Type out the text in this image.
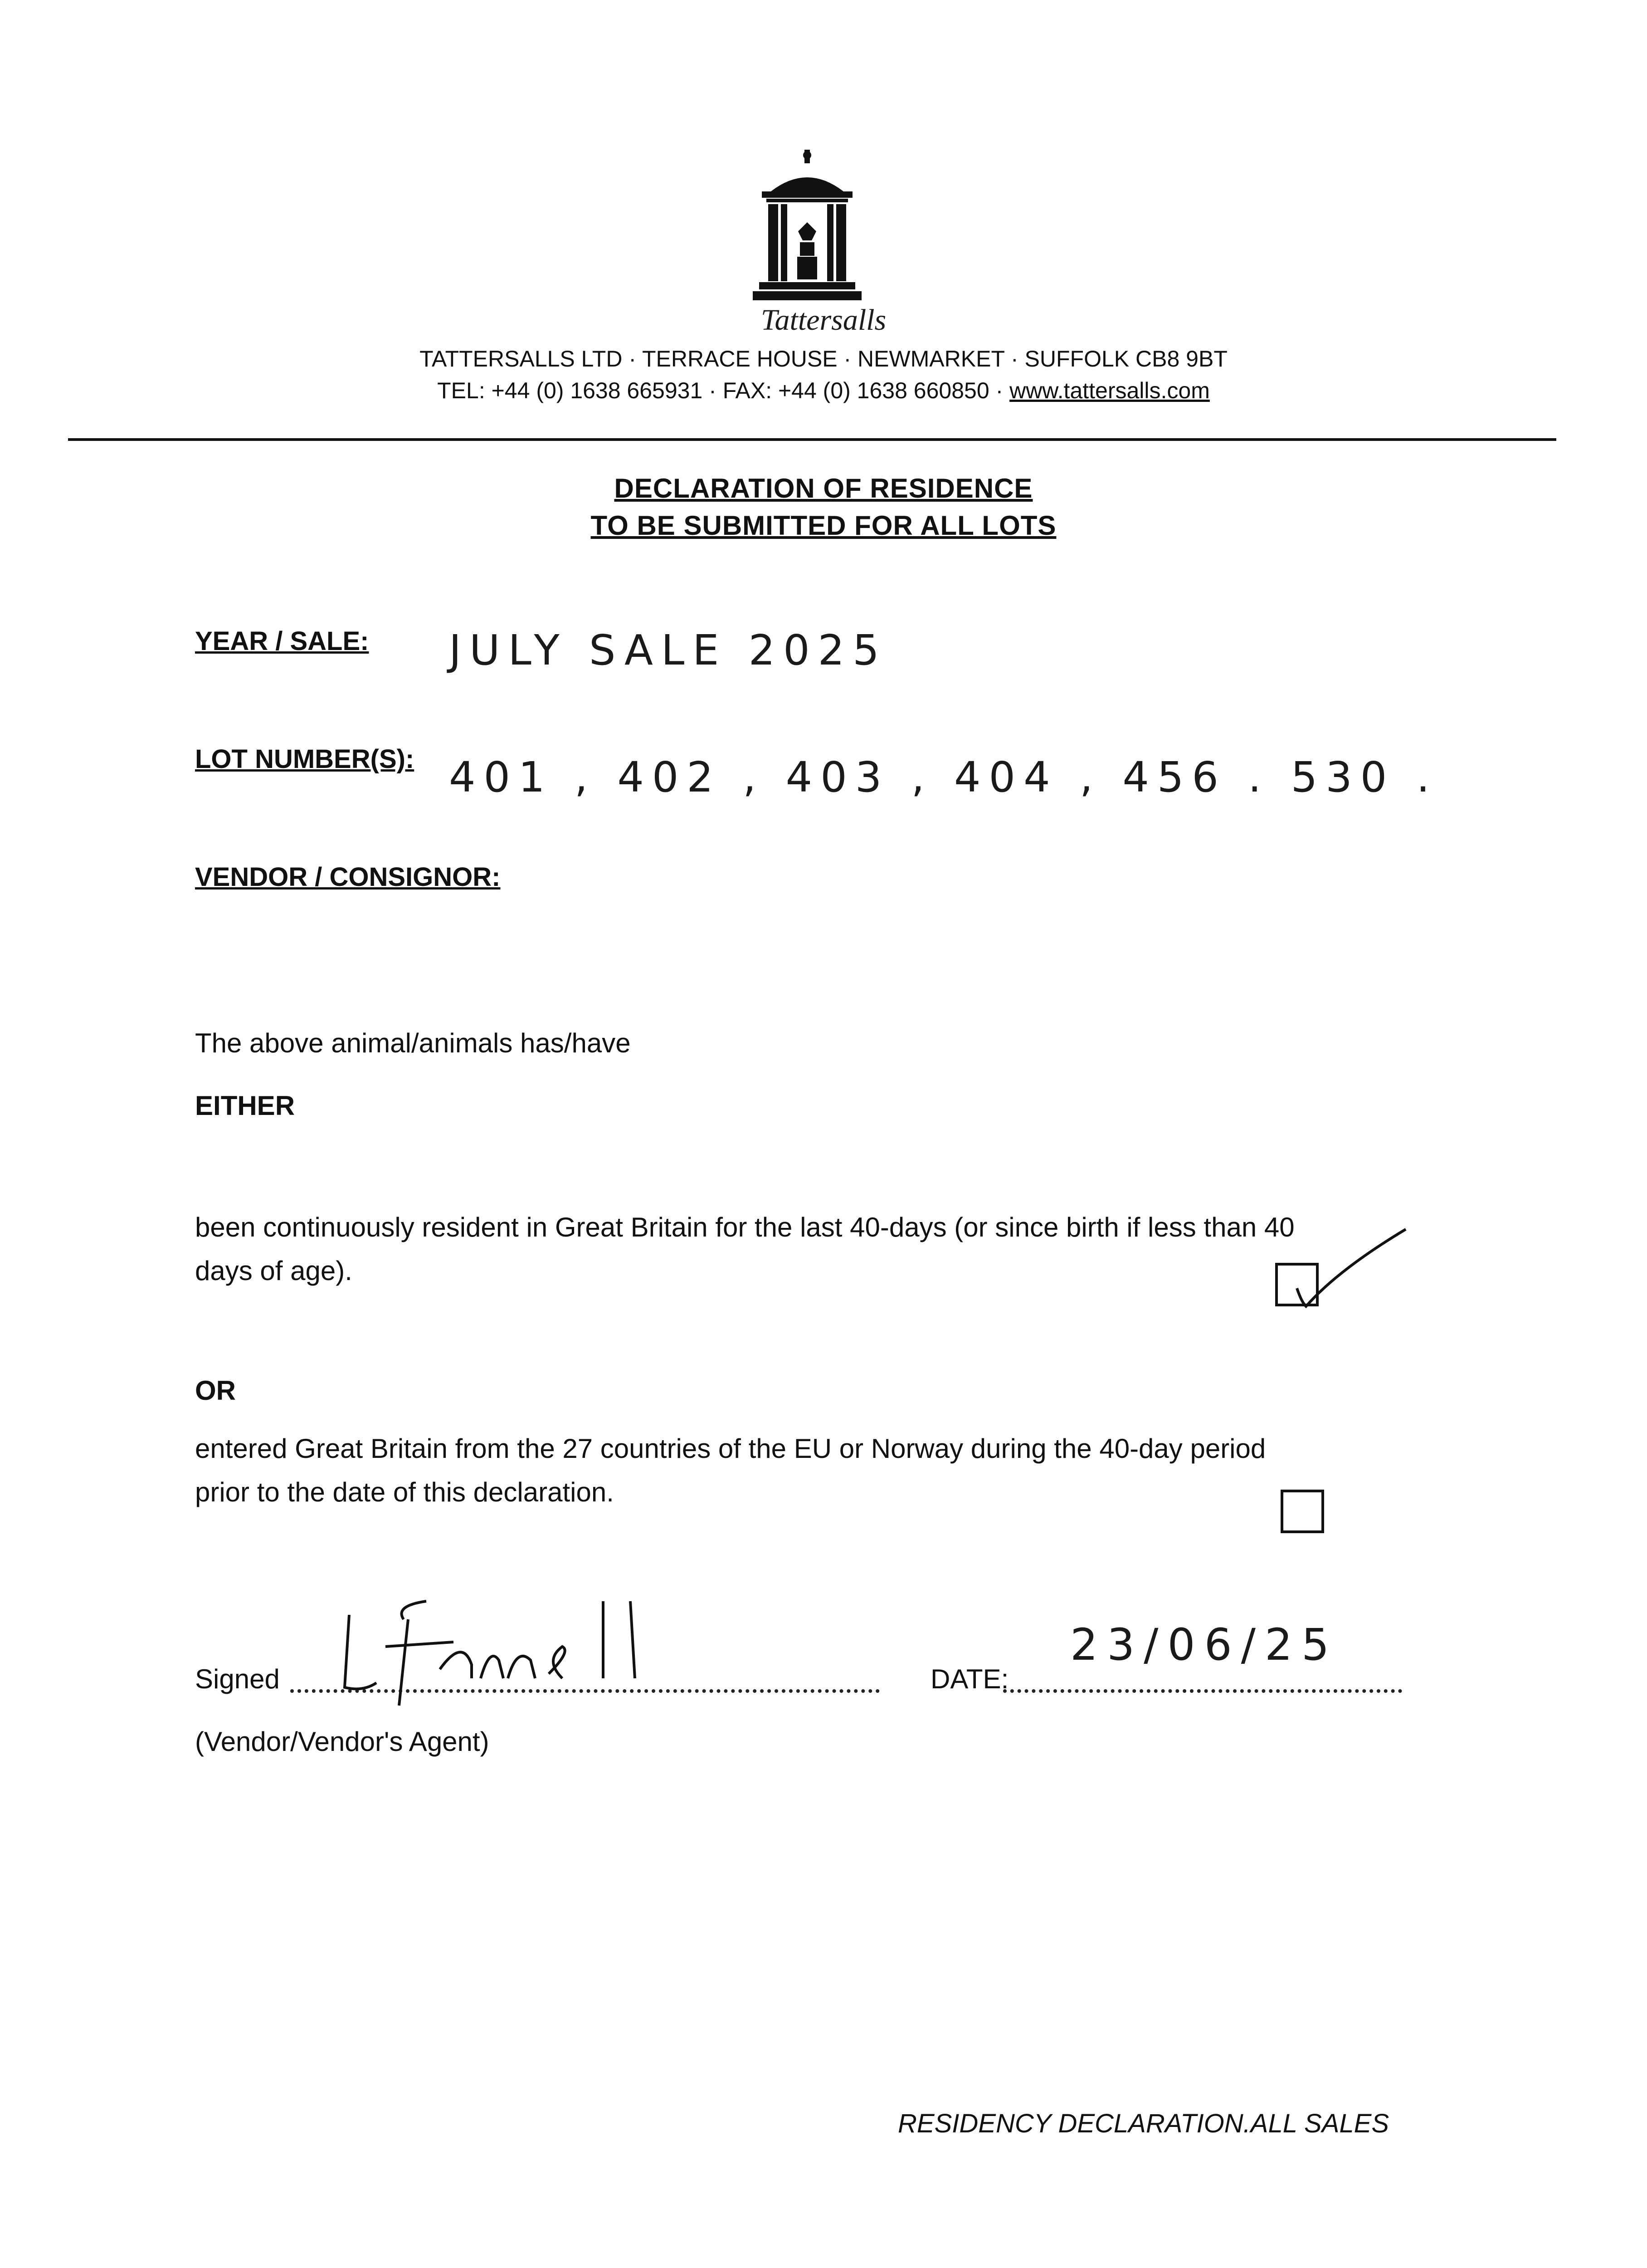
Tattersalls
TATTERSALLS LTD · TERRACE HOUSE · NEWMARKET · SUFFOLK CB8 9BT
TEL: +44 (0) 1638 665931 · FAX: +44 (0) 1638 660850 · www.tattersalls.com
DECLARATION OF RESIDENCE
TO BE SUBMITTED FOR ALL LOTS
YEAR / SALE: JULY SALE 2025
LOT NUMBER(S): 401 , 402 , 403 , 404 , 456 . 530 .
VENDOR / CONSIGNOR:
The above animal/animals has/have
EITHER
been continuously resident in Great Britain for the last 40-days (or since birth if less than 40
days of age).
OR
entered Great Britain from the 27 countries of the EU or Norway during the 40-day period
prior to the date of this declaration.
Signed	DATE:
23/06/25
(Vendor/Vendor's Agent)
RESIDENCY DECLARATION.ALL SALES
